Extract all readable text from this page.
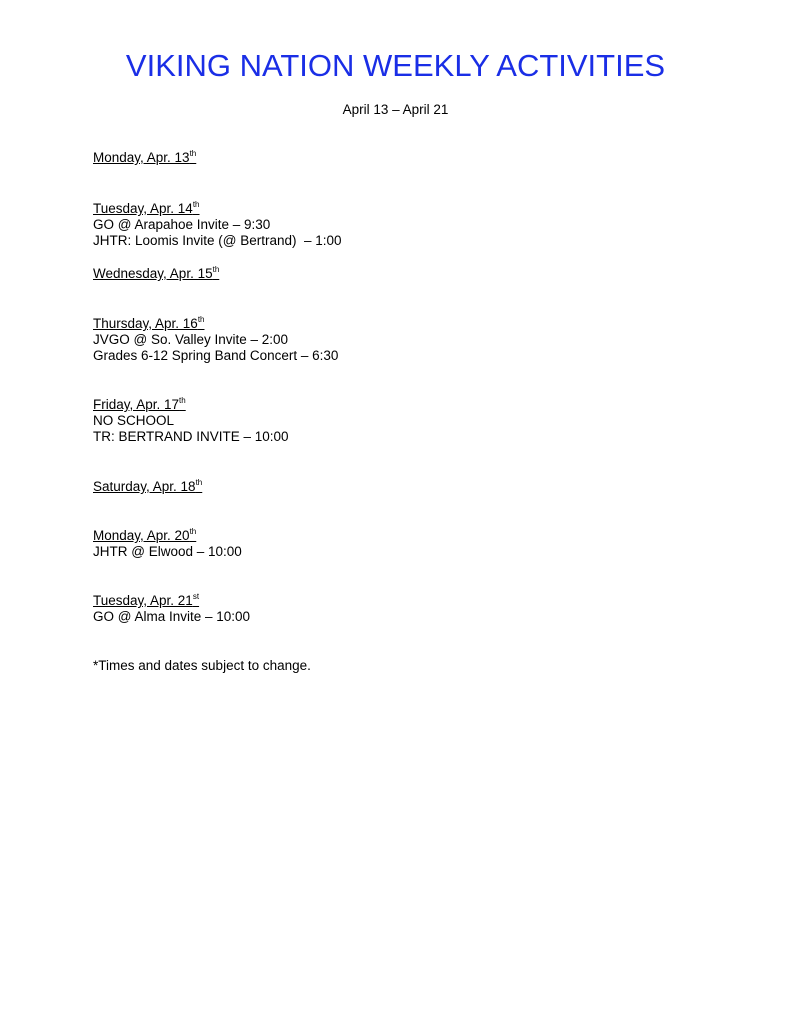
VIKING NATION WEEKLY ACTIVITIES
April 13 – April 21
Monday, Apr. 13th
Tuesday, Apr. 14th
GO @ Arapahoe Invite – 9:30
JHTR: Loomis Invite (@ Bertrand)  – 1:00
Wednesday, Apr. 15th
Thursday, Apr. 16th
JVGO @ So. Valley Invite – 2:00
Grades 6-12 Spring Band Concert – 6:30
Friday, Apr. 17th
NO SCHOOL
TR: BERTRAND INVITE – 10:00
Saturday, Apr. 18th
Monday, Apr. 20th
JHTR @ Elwood – 10:00
Tuesday, Apr. 21st
GO @ Alma Invite – 10:00
*Times and dates subject to change.
